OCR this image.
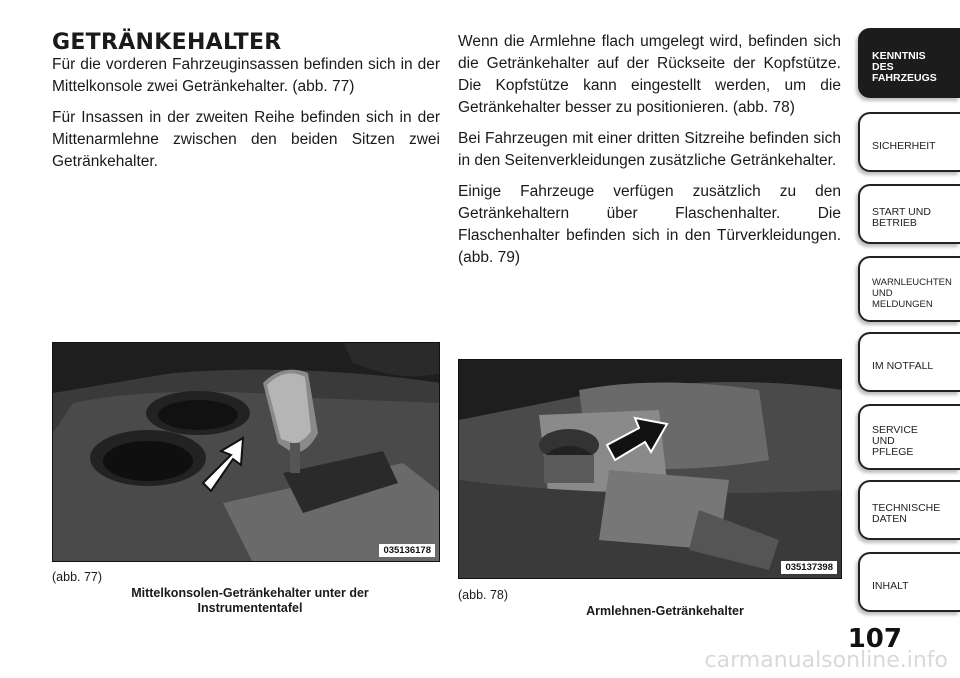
GETRÄNKEHALTER

Für die vorderen Fahrzeuginsassen befinden sich in der Mittelkonsole zwei Getränkehalter. (abb. 77)

Für Insassen in der zweiten Reihe befinden sich in der Mittenarmlehne zwischen den beiden Sitzen zwei Getränkehalter.

Wenn die Armlehne flach umgelegt wird, befinden sich die Getränkehalter auf der Rückseite der Kopfstütze. Die Kopfstütze kann eingestellt werden, um die Getränkehalter besser zu positionieren. (abb. 78)

Bei Fahrzeugen mit einer dritten Sitzreihe befinden sich in den Seitenverkleidungen zusätzliche Getränkehalter.

Einige Fahrzeuge verfügen zusätzlich zu den Getränkehaltern über Flaschenhalter. Die Flaschenhalter befinden sich in den Türverkleidungen. (abb. 79)

035136178
(abb. 77)
Mittelkonsolen-Getränkehalter unter der
Instrumententafel
035137398
(abb. 78)
Armlehnen-Getränkehalter
KENNTNIS
DES
FAHRZEUGS
SICHERHEIT
START UND
BETRIEB
WARNLEUCHTEN
UND
MELDUNGEN
IM NOTFALL
SERVICE
UND
PFLEGE
TECHNISCHE
DATEN
INHALT
107
carmanualsonline.info
